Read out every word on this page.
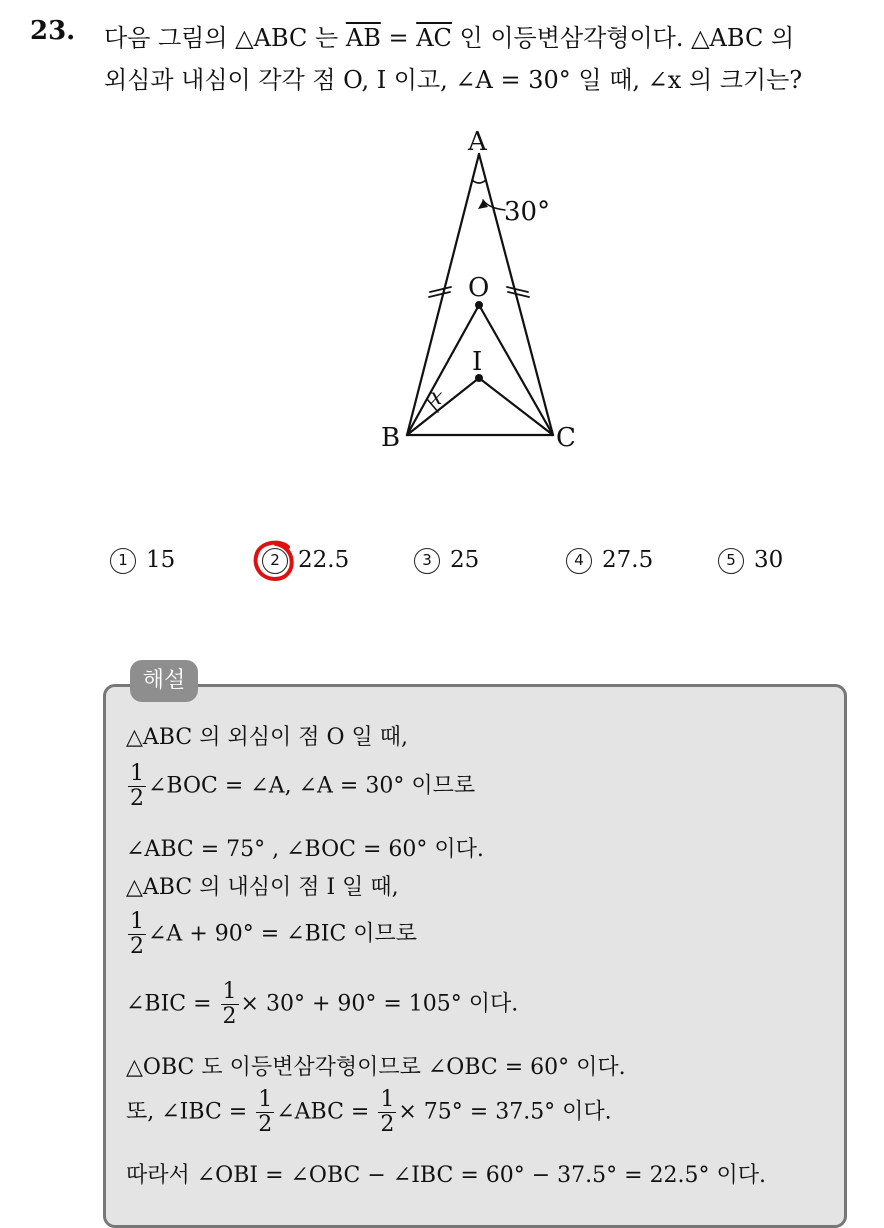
23. 다음 그림의 △ABC 는 $\overline{AB} = \overline{AC}$ 인 이등변삼각형이다. △ABC 의
외심과 내심이 각각 점 O, I 이고, ∠A = 30° 일 때, ∠x 의 크기는?
A
O
I
B	C
30°
x
1 15	2 22.5	3 25	4 27.5	5 30
해설
△ABC 의 외심이 점 O 일 때,
$\frac{1}{2}$ ∠BOC = ∠A, ∠A = 30° 이므로
∠ABC = 75° , ∠BOC = 60° 이다.
△ABC 의 내심이 점 I 일 때,
$\frac{1}{2}$ ∠A + 90° = ∠BIC 이므로
∠BIC = $\frac{1}{2} \times 30^\circ + 90^\circ = 105^\circ$ 이다.
△OBC 도 이등변삼각형이므로 ∠OBC = 60° 이다.
또, ∠IBC = $\frac{1}{2}$ ∠ABC = $\frac{1}{2} \times 75^\circ = 37.5^\circ$ 이다.
따라서 ∠OBI = ∠OBC − ∠IBC = 60° − 37.5° = 22.5° 이다.
